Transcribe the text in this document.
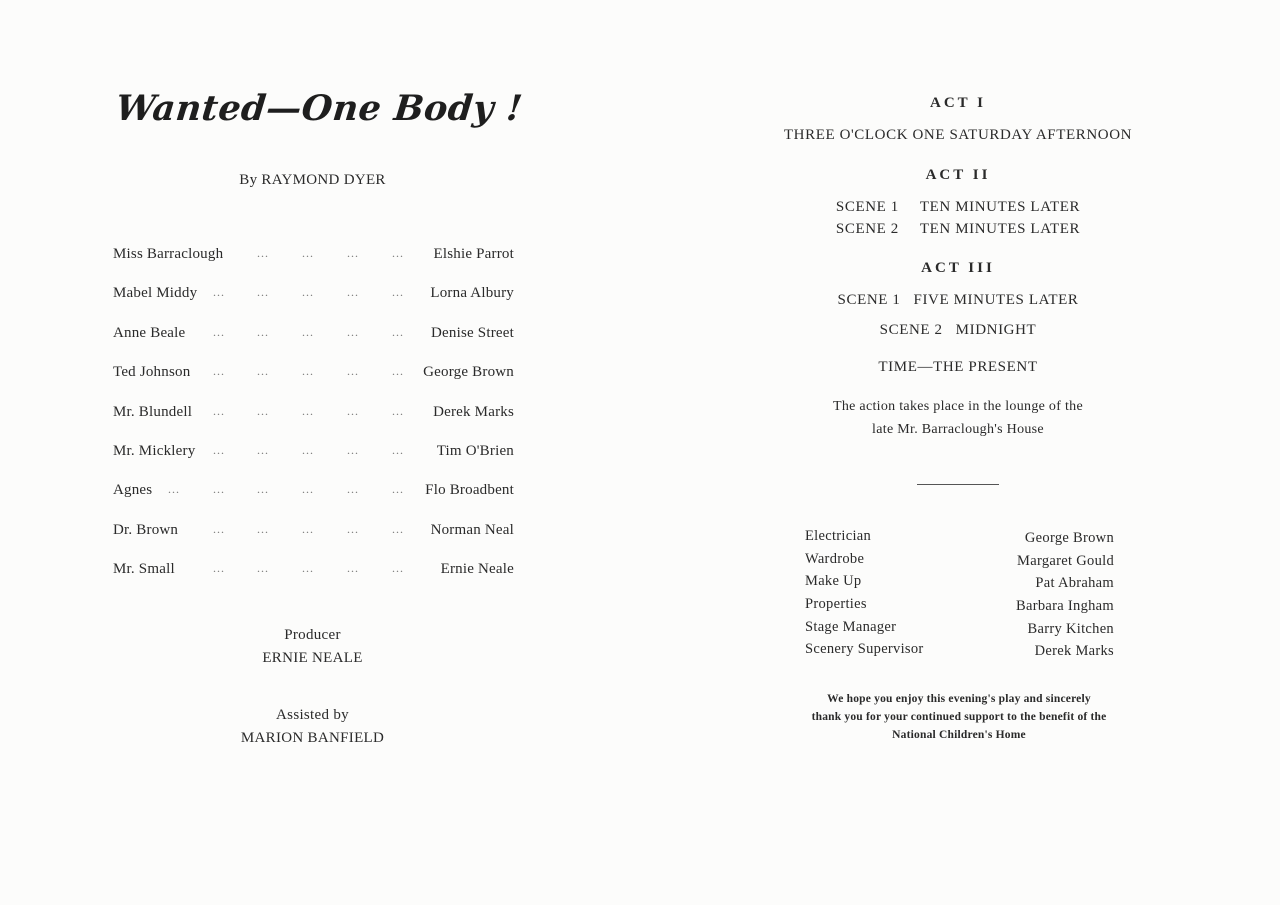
Wanted—One Body !
By RAYMOND DYER
Miss Barraclough	...	...	...	... Elshie Parrot
Mabel Middy ...	...	...	...	... Lorna Albury
Anne Beale ...	...	...	...	... Denise Street
Ted Johnson ...	...	...	...	... George Brown
Mr. Blundell ...	...	...	...	... Derek Marks
Mr. Micklery ...	...	...	...	... Tim O'Brien
Agnes ...	...	...	...	...	... Flo Broadbent
Dr. Brown	...	...	...	...	... Norman Neal
Mr. Small	...	...	...	...	... Ernie Neale
Producer
ERNIE NEALE
Assisted by
MARION BANFIELD
ACT I
THREE O'CLOCK ONE SATURDAY AFTERNOON
ACT II
SCENE 1 TEN MINUTES LATER
SCENE 2 TEN MINUTES LATER
ACT III
SCENE 1   FIVE MINUTES LATER
SCENE 2   MIDNIGHT
TIME—THE PRESENT
The action takes place in the lounge of the
late Mr. Barraclough's House
Electrician	George Brown
Wardrobe	Margaret Gould
Make Up	Pat Abraham
Properties	Barbara Ingham
Stage Manager	Barry Kitchen
Scenery Supervisor	Derek Marks
We hope you enjoy this evening's play and sincerely
thank you for your continued support to the benefit of the
National Children's Home
